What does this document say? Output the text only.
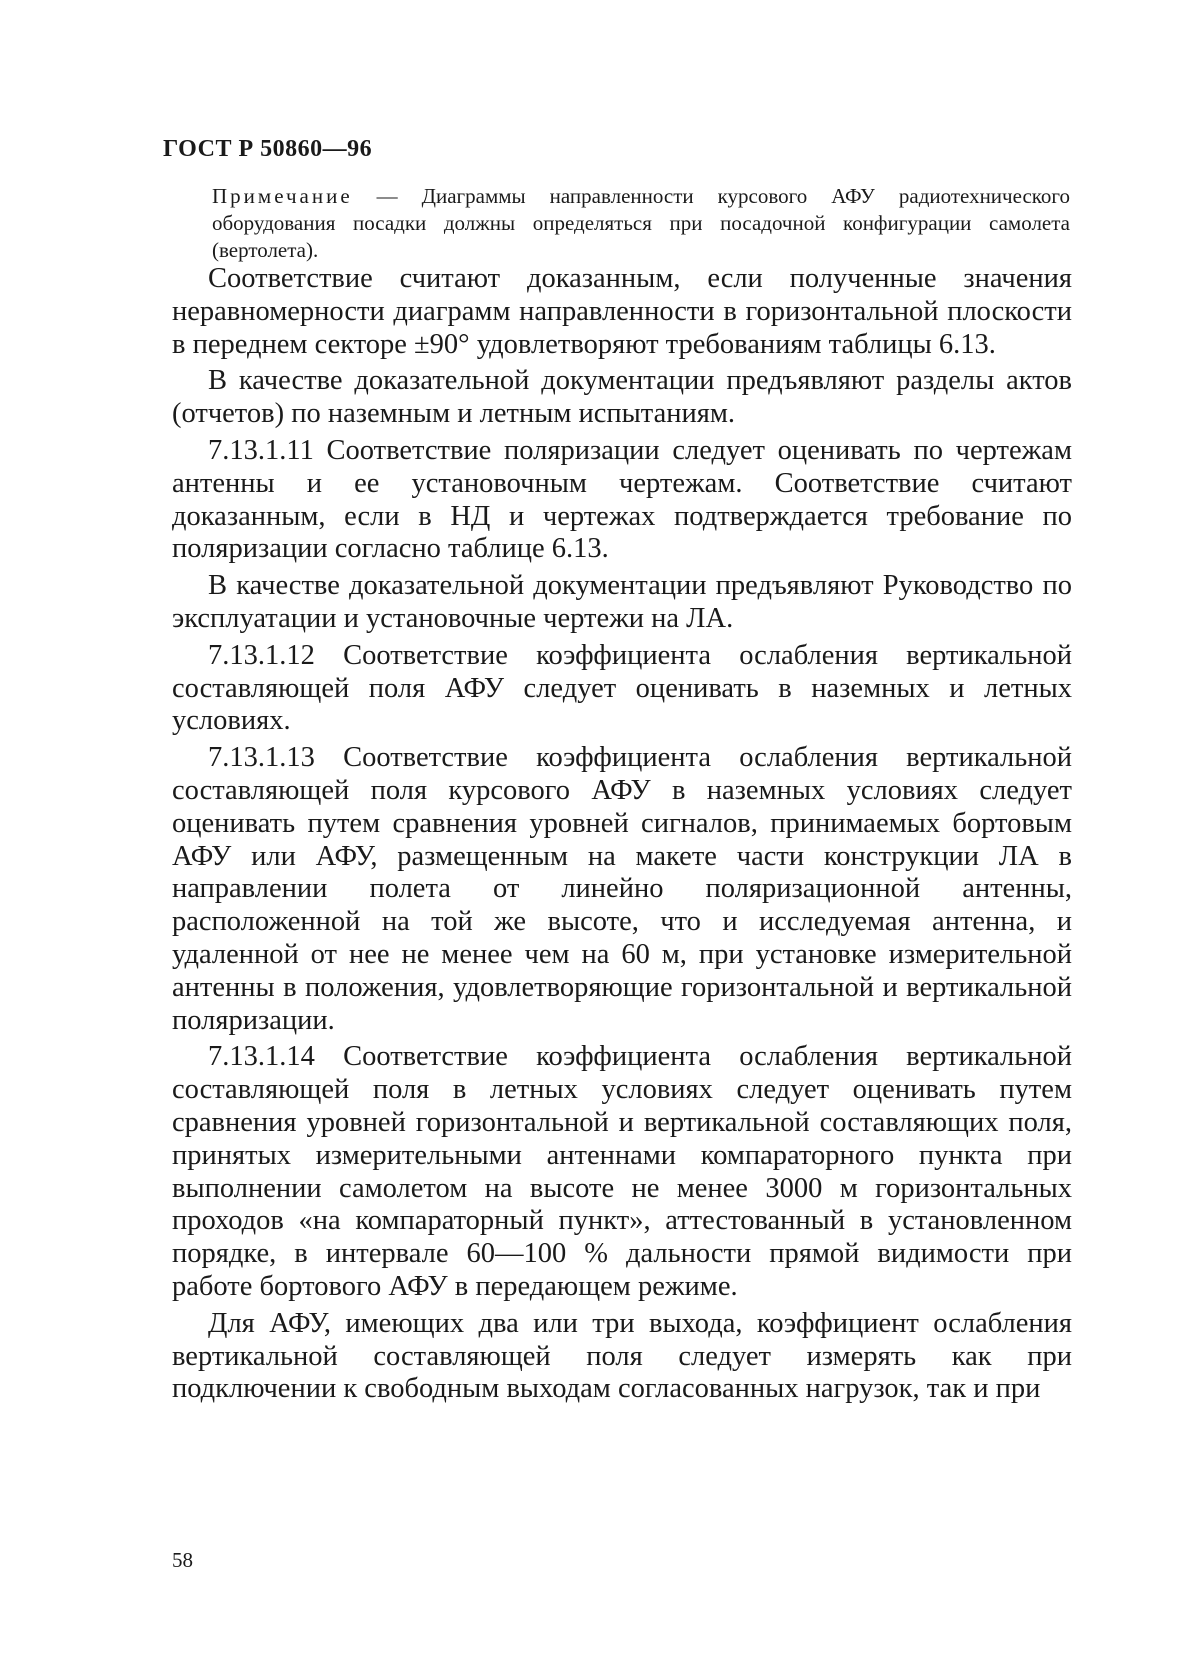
ГОСТ Р 50860—96
Примечание — Диаграммы направленности курсового АФУ радиотехнического оборудования посадки должны определяться при посадочной конфигурации самолета (вертолета).

Соответствие считают доказанным, если полученные значения неравномерности диаграмм направленности в горизонтальной плоскости в переднем секторе ±90° удовлетворяют требованиям таблицы 6.13.

В качестве доказательной документации предъявляют разделы актов (отчетов) по наземным и летным испытаниям.

7.13.1.11 Соответствие поляризации следует оценивать по чертежам антенны и ее установочным чертежам. Соответствие считают доказанным, если в НД и чертежах подтверждается требование по поляризации согласно таблице 6.13.

В качестве доказательной документации предъявляют Руководство по эксплуатации и установочные чертежи на ЛА.

7.13.1.12 Соответствие коэффициента ослабления вертикальной составляющей поля АФУ следует оценивать в наземных и летных условиях.

7.13.1.13 Соответствие коэффициента ослабления вертикальной составляющей поля курсового АФУ в наземных условиях следует оценивать путем сравнения уровней сигналов, принимаемых бортовым АФУ или АФУ, размещенным на макете части конструкции ЛА в направлении полета от линейно поляризационной антенны, расположенной на той же высоте, что и исследуемая антенна, и удаленной от нее не менее чем на 60 м, при установке измерительной антенны в положения, удовлетворяющие горизонтальной и вертикальной поляризации.

7.13.1.14 Соответствие коэффициента ослабления вертикальной составляющей поля в летных условиях следует оценивать путем сравнения уровней горизонтальной и вертикальной составляющих поля, принятых измерительными антеннами компараторного пункта при выполнении самолетом на высоте не менее 3000 м горизонтальных проходов «на компараторный пункт», аттестованный в установленном порядке, в интервале 60—100 % дальности прямой видимости при работе бортового АФУ в передающем режиме.

Для АФУ, имеющих два или три выхода, коэффициент ослабления вертикальной составляющей поля следует измерять как при подключении к свободным выходам согласованных нагрузок, так и при

58
